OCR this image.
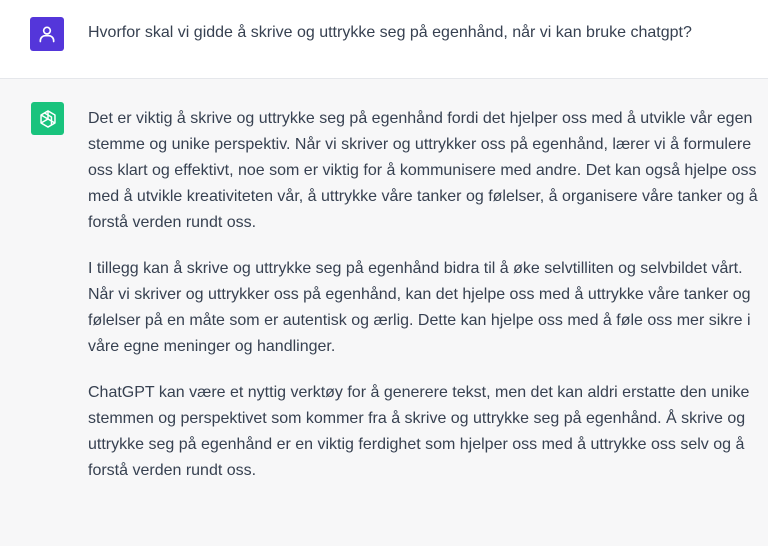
Hvorfor skal vi gidde å skrive og uttrykke seg på egenhånd, når vi kan bruke chatgpt?

Det er viktig å skrive og uttrykke seg på egenhånd fordi det hjelper oss med å utvikle vår egen stemme og unike perspektiv. Når vi skriver og uttrykker oss på egenhånd, lærer vi å formulere oss klart og effektivt, noe som er viktig for å kommunisere med andre. Det kan også hjelpe oss med å utvikle kreativiteten vår, å uttrykke våre tanker og følelser, å organisere våre tanker og å forstå verden rundt oss.

I tillegg kan å skrive og uttrykke seg på egenhånd bidra til å øke selvtilliten og selvbildet vårt. Når vi skriver og uttrykker oss på egenhånd, kan det hjelpe oss med å uttrykke våre tanker og følelser på en måte som er autentisk og ærlig. Dette kan hjelpe oss med å føle oss mer sikre i våre egne meninger og handlinger.

ChatGPT kan være et nyttig verktøy for å generere tekst, men det kan aldri erstatte den unike stemmen og perspektivet som kommer fra å skrive og uttrykke seg på egenhånd. Å skrive og uttrykke seg på egenhånd er en viktig ferdighet som hjelper oss med å uttrykke oss selv og å forstå verden rundt oss.
